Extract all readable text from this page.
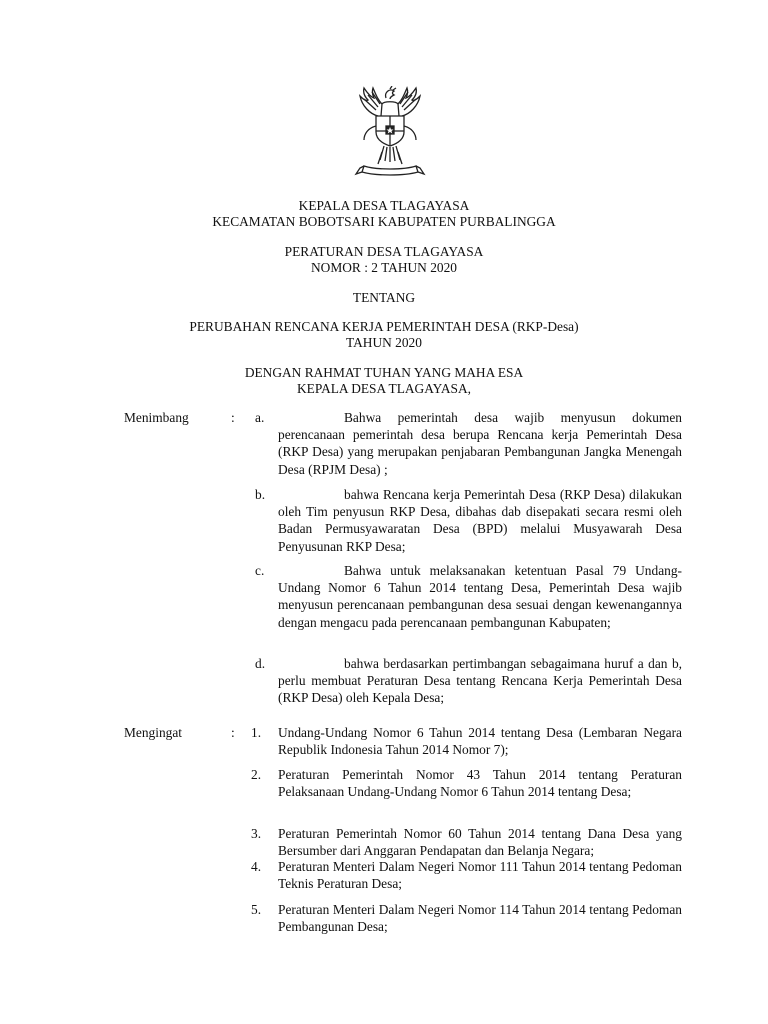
KEPALA DESA TLAGAYASA
KECAMATAN BOBOTSARI KABUPATEN PURBALINGGA
PERATURAN DESA TLAGAYASA
NOMOR : 2 TAHUN 2020
TENTANG
PERUBAHAN RENCANA KERJA PEMERINTAH DESA (RKP-Desa)
TAHUN 2020
DENGAN RAHMAT TUHAN YANG MAHA ESA
KEPALA DESA TLAGAYASA,
Menimbang	: a.	Bahwa pemerintah desa wajib menyusun dokumen perencanaan pemerintah desa berupa Rencana kerja Pemerintah Desa (RKP Desa) yang merupakan penjabaran Pembangunan Jangka Menengah Desa (RPJM Desa) ;
b.	bahwa Rencana kerja Pemerintah Desa (RKP Desa) dilakukan oleh Tim penyusun RKP Desa, dibahas dab disepakati secara resmi oleh Badan Permusyawaratan Desa (BPD) melalui Musyawarah Desa Penyusunan RKP Desa;
c.	Bahwa untuk melaksanakan ketentuan Pasal 79 Undang-Undang Nomor 6 Tahun 2014 tentang Desa, Pemerintah Desa wajib menyusun perencanaan pembangunan desa sesuai dengan kewenangannya dengan mengacu pada perencanaan pembangunan Kabupaten;
d.	bahwa berdasarkan pertimbangan sebagaimana huruf a dan b, perlu membuat Peraturan Desa tentang Rencana Kerja Pemerintah Desa (RKP Desa) oleh Kepala Desa;
Mengingat	: 1. Undang-Undang Nomor 6 Tahun 2014 tentang Desa (Lembaran Negara Republik Indonesia Tahun 2014 Nomor 7);
2. Peraturan Pemerintah Nomor 43 Tahun 2014 tentang Peraturan Pelaksanaan Undang-Undang Nomor 6 Tahun 2014 tentang Desa;
3. Peraturan Pemerintah Nomor 60 Tahun 2014 tentang Dana Desa yang Bersumber dari Anggaran Pendapatan dan Belanja Negara;
4. Peraturan Menteri Dalam Negeri Nomor 111 Tahun 2014 tentang Pedoman Teknis Peraturan Desa;
5. Peraturan Menteri Dalam Negeri Nomor 114 Tahun 2014 tentang Pedoman Pembangunan Desa;
